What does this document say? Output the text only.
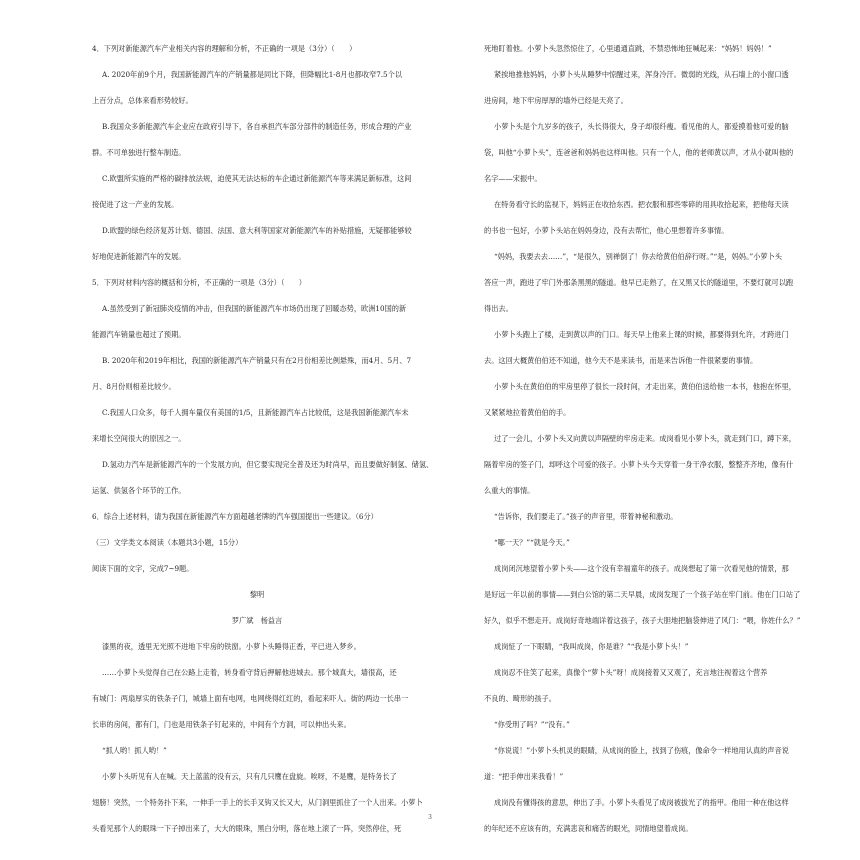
4．下列对新能源汽车产业相关内容的理解和分析，不正确的一项是（3分）（　　）

A. 2020年前9个月，我国新能源汽车的产销量都是同比下降，但降幅比1-8月也都收窄7.5个以

上百分点，总体来看形势较好。

B.我国众多新能源汽车企业应在政府引导下，各自承担汽车部分部件的制造任务，形成合理的产业

群。不可单独进行整车制造。

C.欧盟所实施的严格的碳排放法规，迫使其无法达标的车企通过新能源汽车等来满足新标准，这间

接促进了这一产业的发展。

D.欧盟的绿色经济复苏计划、德国、法国、意大利等国家对新能源汽车的补贴措施，无疑都能够较

好地促进新能源汽车的发展。

5．下列对材料内容的概括和分析，不正确的一项是（3分）（　　）

A.虽然受到了新冠肺炎疫情的冲击，但我国的新能源汽车市场仍出现了回暖态势，欧洲10国的新

能源汽车销量也超过了预期。

B. 2020年和2019年相比，我国的新能源汽车产销量只有在2月份相差比例悬殊，而4月、5月、7

月、8月份则相差比较少。

C.我国人口众多，每千人拥车量仅有美国的1/5，且新能源汽车占比较低，这是我国新能源汽车未

来增长空间很大的原因之一。

D.氢动力汽车是新能源汽车的一个发展方向，但它要实现完全普及还为时尚早，而且要做好制氢、储氢、

运氢、供氢各个环节的工作。

6．综合上述材料，请为我国在新能源汽车方面超越老牌的汽车强国提出一些建议。（6分）

（三）文学类文本阅读（本题共3小题，15分）

阅读下面的文字，完成7~9题。

黎明

罗广斌　杨益言

漆黑的夜，透里无光照不进地下牢房的铁窗。小萝卜头睡得正香，平已进入梦乡。

……小萝卜头觉得自己在公路上走着，转身看守背后押解他进城去。那个城真大，墙很高，还

有城门：两扇厚实的铁条子门，城墙上面有电网，电网绕得红红的，看起来吓人。街的两边一长串一

长串的房间，都有门，门也是用铁条子钉起来的，中间有个方洞，可以伸出头来。

“抓人哟！抓人哟！”

小萝卜头听见有人在喊。天上蓝蓝的没有云，只有几只鹰在盘旋。唉呀，不是鹰，是特务长了

翅膀！突然，一个特务扑下来，一伸手一手上的长手叉钩又长又大，从门洞里抓住了一个人出来。小萝卜

头看见那个人的眼珠一下子掉出来了，大大的眼珠，黑白分明，落在地上滚了一阵，突然停住，死

死地盯着他。小萝卜头忽然惊住了，心里通通直跳，不禁恐怖地狂喊起来：“妈妈！妈妈！”

紧挨地推他妈妈，小萝卜头从睡梦中惊醒过来，浑身冷汗。微弱的光线，从石墙上的小窗口透

进房间，地下牢房厚厚的墙外已经是天亮了。

小萝卜头是个九岁多的孩子，头长得很大，身子却很纤瘦。看见他的人，都爱摸着他可爱的脑

袋，叫他“小萝卜头”，连爸爸和妈妈也这样叫他。只有一个人，他的老师黄以声，才从小就叫他的

名字——宋振中。

在特务看守长的监视下，妈妈正在收拾东西。把衣服和那些零碎的用具收拾起来，把他每天读

的书也一包好，小萝卜头站在妈妈身边，没有去帮忙，他心里想着许多事情。

“妈妈，我要去去……”，“是很久，别禅倒了！你去给黄伯伯辞行呀。”“是，妈妈。”小萝卜头

答应一声，跑进了牢门外那条黑黑的隧道。他早已走熟了，在又黑又长的隧道里，不要灯就可以跑

得出去。

小萝卜头跑上了楼，走到黄以声的门口。每天早上他来上课的时候，都要得到允许，才跨进门

去。这回大概黄伯伯还不知道，他今天不是来读书，而是来告诉他一件很紧要的事情。

小萝卜头在黄伯伯的牢房里停了很长一段时间，才走出来，黄伯伯送给他一本书，他抱在怀里，

又紧紧地拉着黄伯伯的手。

过了一会儿，小萝卜头又向黄以声隔壁的牢房走来。成岗看见小萝卜头，就走到门口，蹲下来，

隔着牢房的签子门，却呼这个可爱的孩子。小萝卜头今天穿着一身干净衣服，整整齐齐地，像有什

么重大的事情。

“告诉你，我们要走了。”孩子的声音里，带着神秘和激动。

“哪一天？”“就是今天。”

成岗闭沉地望着小萝卜头——这个没有幸福童年的孩子。成岗想起了第一次看见他的情景，那

是好远一年以前的事情——到白公馆的第二天早晨，成岗发现了一个孩子站在牢门前。他在门口站了

好久，似乎不想走开。成岗好奇地端详着这孩子，孩子大胆地把脑袋伸进了风门：“喂，你姓什么？”

成岗怔了一下眼睛，“我叫成岗，你是谁？”“我是小萝卜头！”

成岗忍不住笑了起来，真像个“萝卜头”呀！成岗接着又又观了，充言地注视着这个营养

不良的、畸形的孩子。

“你受刑了吗？”“没有。”

“你说谎！”小萝卜头机灵的眼睛，从成岗的脸上，找到了伤痕，像命令一样地用认真的声音说

道：“把手伸出来我看！”

成岗没有懂得孩的意思，伸出了手。小萝卜头看见了成岗被拔光了的指甲。他用一种在他这样

的年纪还不应该有的，充满悲哀和痛苦的眼光，同情地望着成岗。

3
